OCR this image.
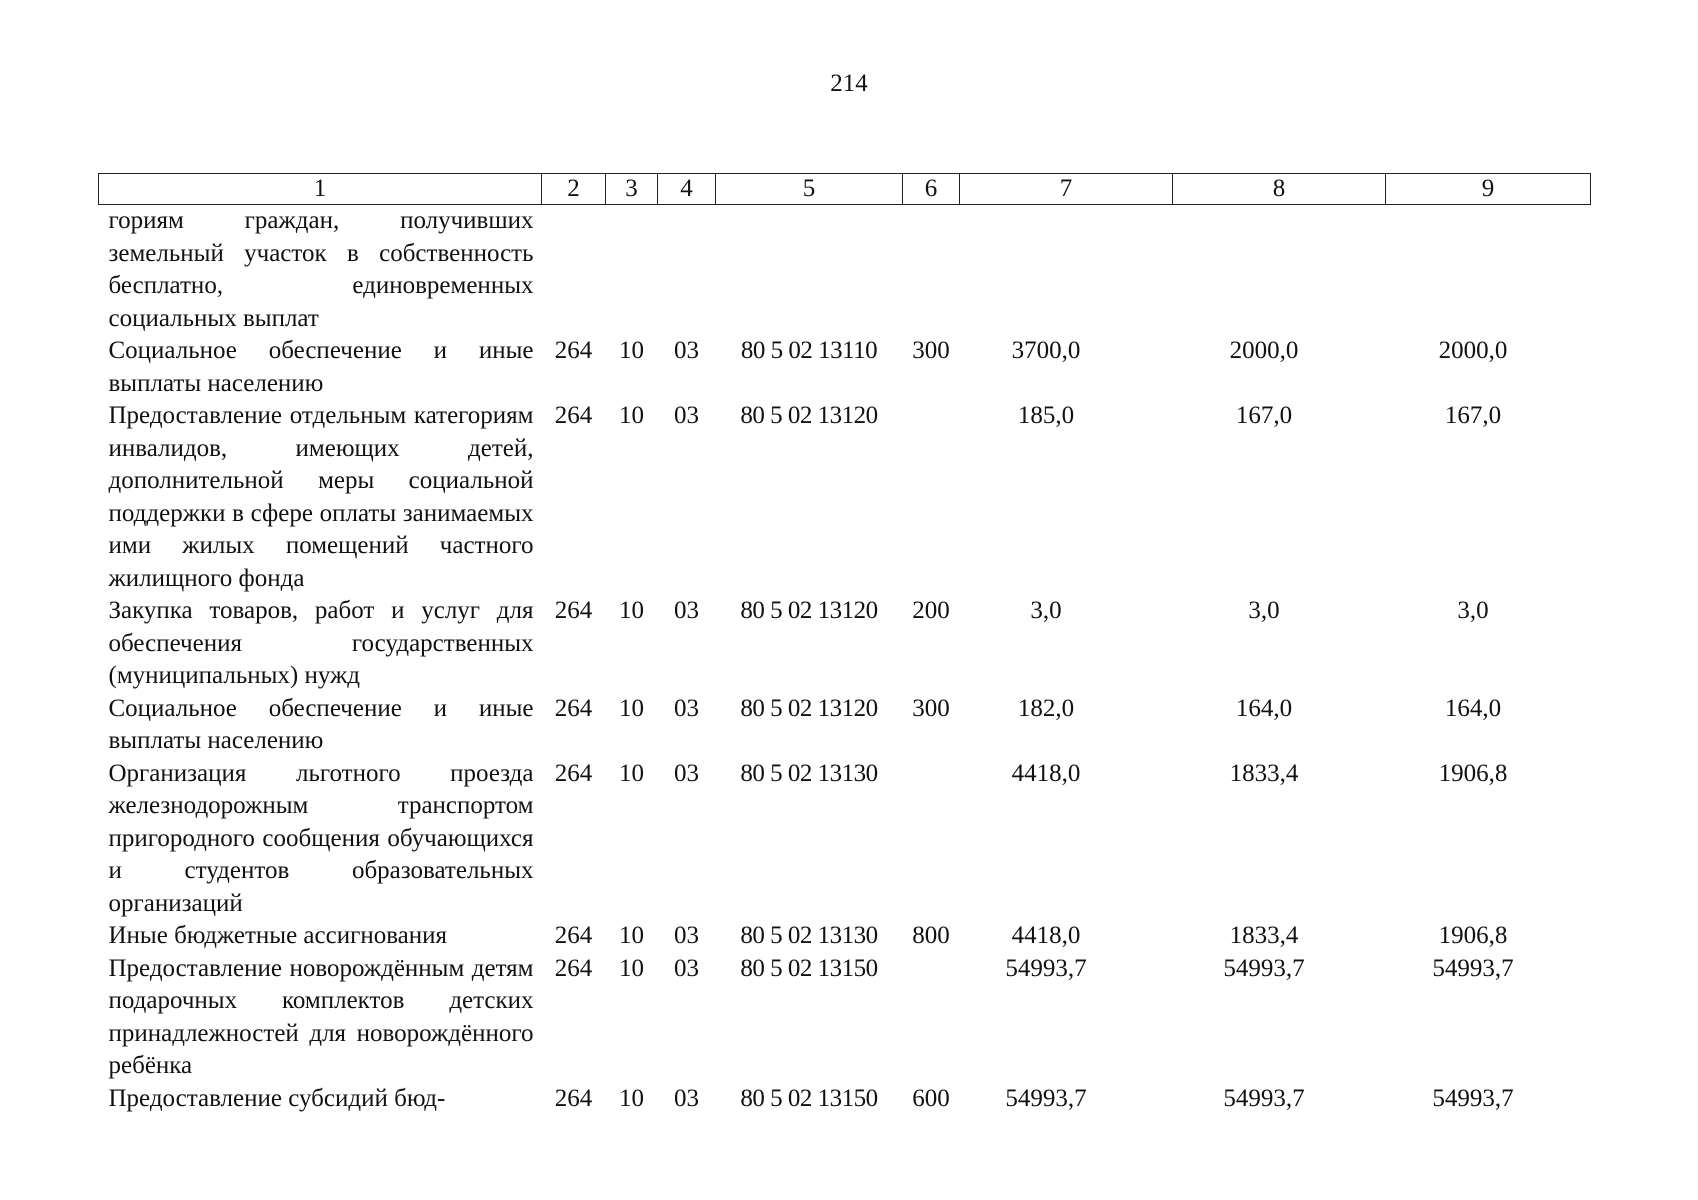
214
1	2	3	4	5	6	7	8	9
гориям граждан, получивших земельный участок в собственность бесплатно, единовременных социальных выплат								
Социальное обеспечение и иные выплаты населению	264	10	03	80 5 02 13110	300	3700,0	2000,0	2000,0
Предоставление отдельным категориям инвалидов, имеющих детей, дополнительной меры социальной поддержки в сфере оплаты занимаемых ими жилых помещений частного жилищного фонда	264	10	03	80 5 02 13120		185,0	167,0	167,0
Закупка товаров, работ и услуг для обеспечения государственных (муниципальных) нужд	264	10	03	80 5 02 13120	200	3,0	3,0	3,0
Социальное обеспечение и иные выплаты населению	264	10	03	80 5 02 13120	300	182,0	164,0	164,0
Организация льготного проезда железнодорожным транспортом пригородного сообщения обучающихся и студентов образовательных организаций	264	10	03	80 5 02 13130		4418,0	1833,4	1906,8
Иные бюджетные ассигнования	264	10	03	80 5 02 13130	800	4418,0	1833,4	1906,8
Предоставление новорождённым детям подарочных комплектов детских принадлежностей для новорождённого ребёнка	264	10	03	80 5 02 13150		54993,7	54993,7	54993,7
Предоставление субсидий бюд-	264	10	03	80 5 02 13150	600	54993,7	54993,7	54993,7
